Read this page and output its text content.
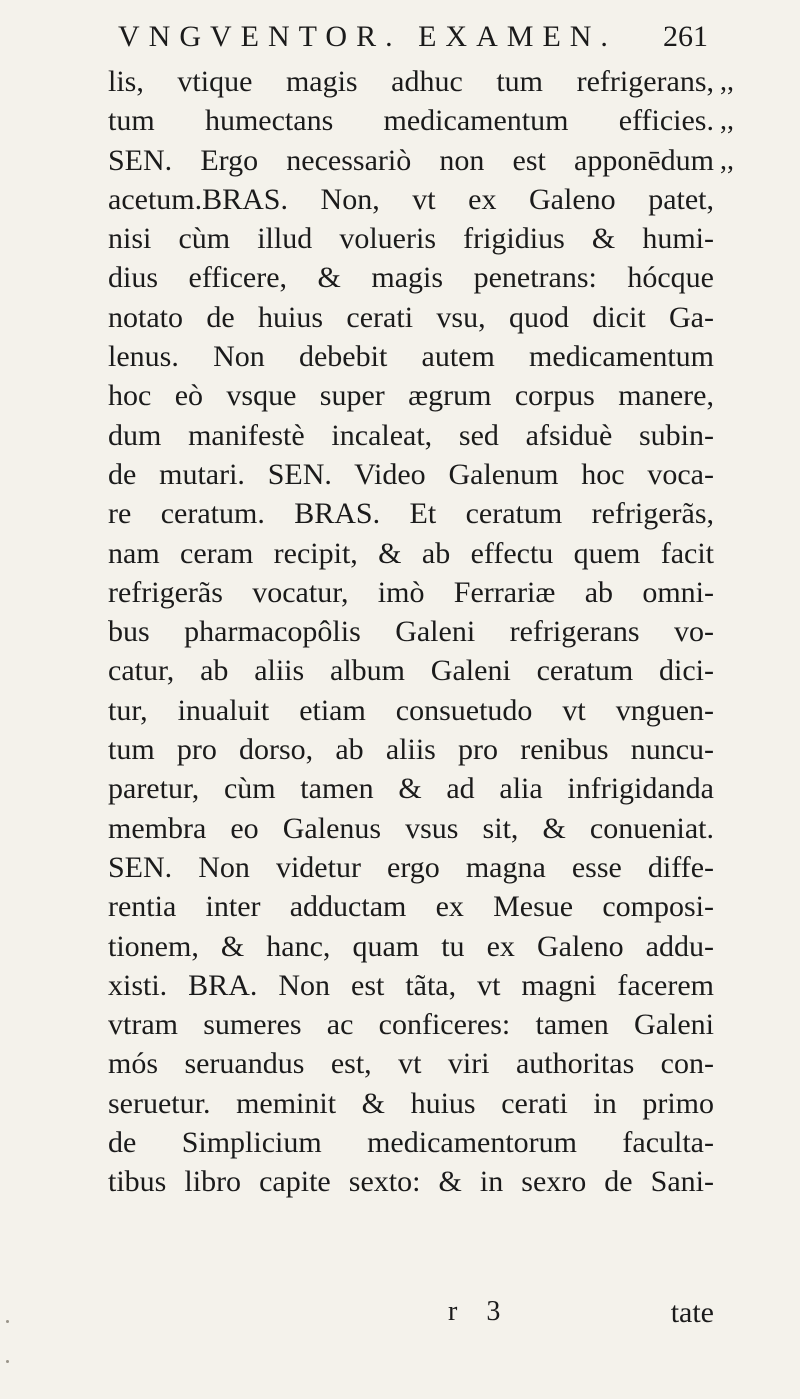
VNGVENTOR. EXAMEN. 261
lis, vtique magis adhuc tum refrigerans,
tum humectans medicamentum efficies.
SEN. Ergo necessariò non est apponēdum
acetum.BRAS. Non, vt ex Galeno patet,
nisi cùm illud volueris frigidius & humi-
dius efficere, & magis penetrans: hócque
notato de huius cerati vsu, quod dicit Ga-
lenus. Non debebit autem medicamentum
hoc eò vsque super ægrum corpus manere,
dum manifestè incaleat, sed afsiduè subin-
de mutari. SEN. Video Galenum hoc voca-
re ceratum. BRAS. Et ceratum refrigerãs,
nam ceram recipit, & ab effectu quem facit
refrigerãs vocatur, imò Ferrariæ ab omni-
bus pharmacopôlis Galeni refrigerans vo-
catur, ab aliis album Galeni ceratum dici-
tur, inualuit etiam consuetudo vt vnguen-
tum pro dorso, ab aliis pro renibus nuncu-
paretur, cùm tamen & ad alia infrigidanda
membra eo Galenus vsus sit, & conueniat.
SEN. Non videtur ergo magna esse diffe-
rentia inter adductam ex Mesue composi-
tionem, & hanc, quam tu ex Galeno addu-
xisti. BRA. Non est tãta, vt magni facerem
vtram sumeres ac conficeres: tamen Galeni
mós seruandus est, vt viri authoritas con-
seruetur. meminit & huius cerati in primo
de Simplicium medicamentorum faculta-
tibus libro capite sexto: & in sexro de Sani-
,,
,,
,,
r 3	tate
